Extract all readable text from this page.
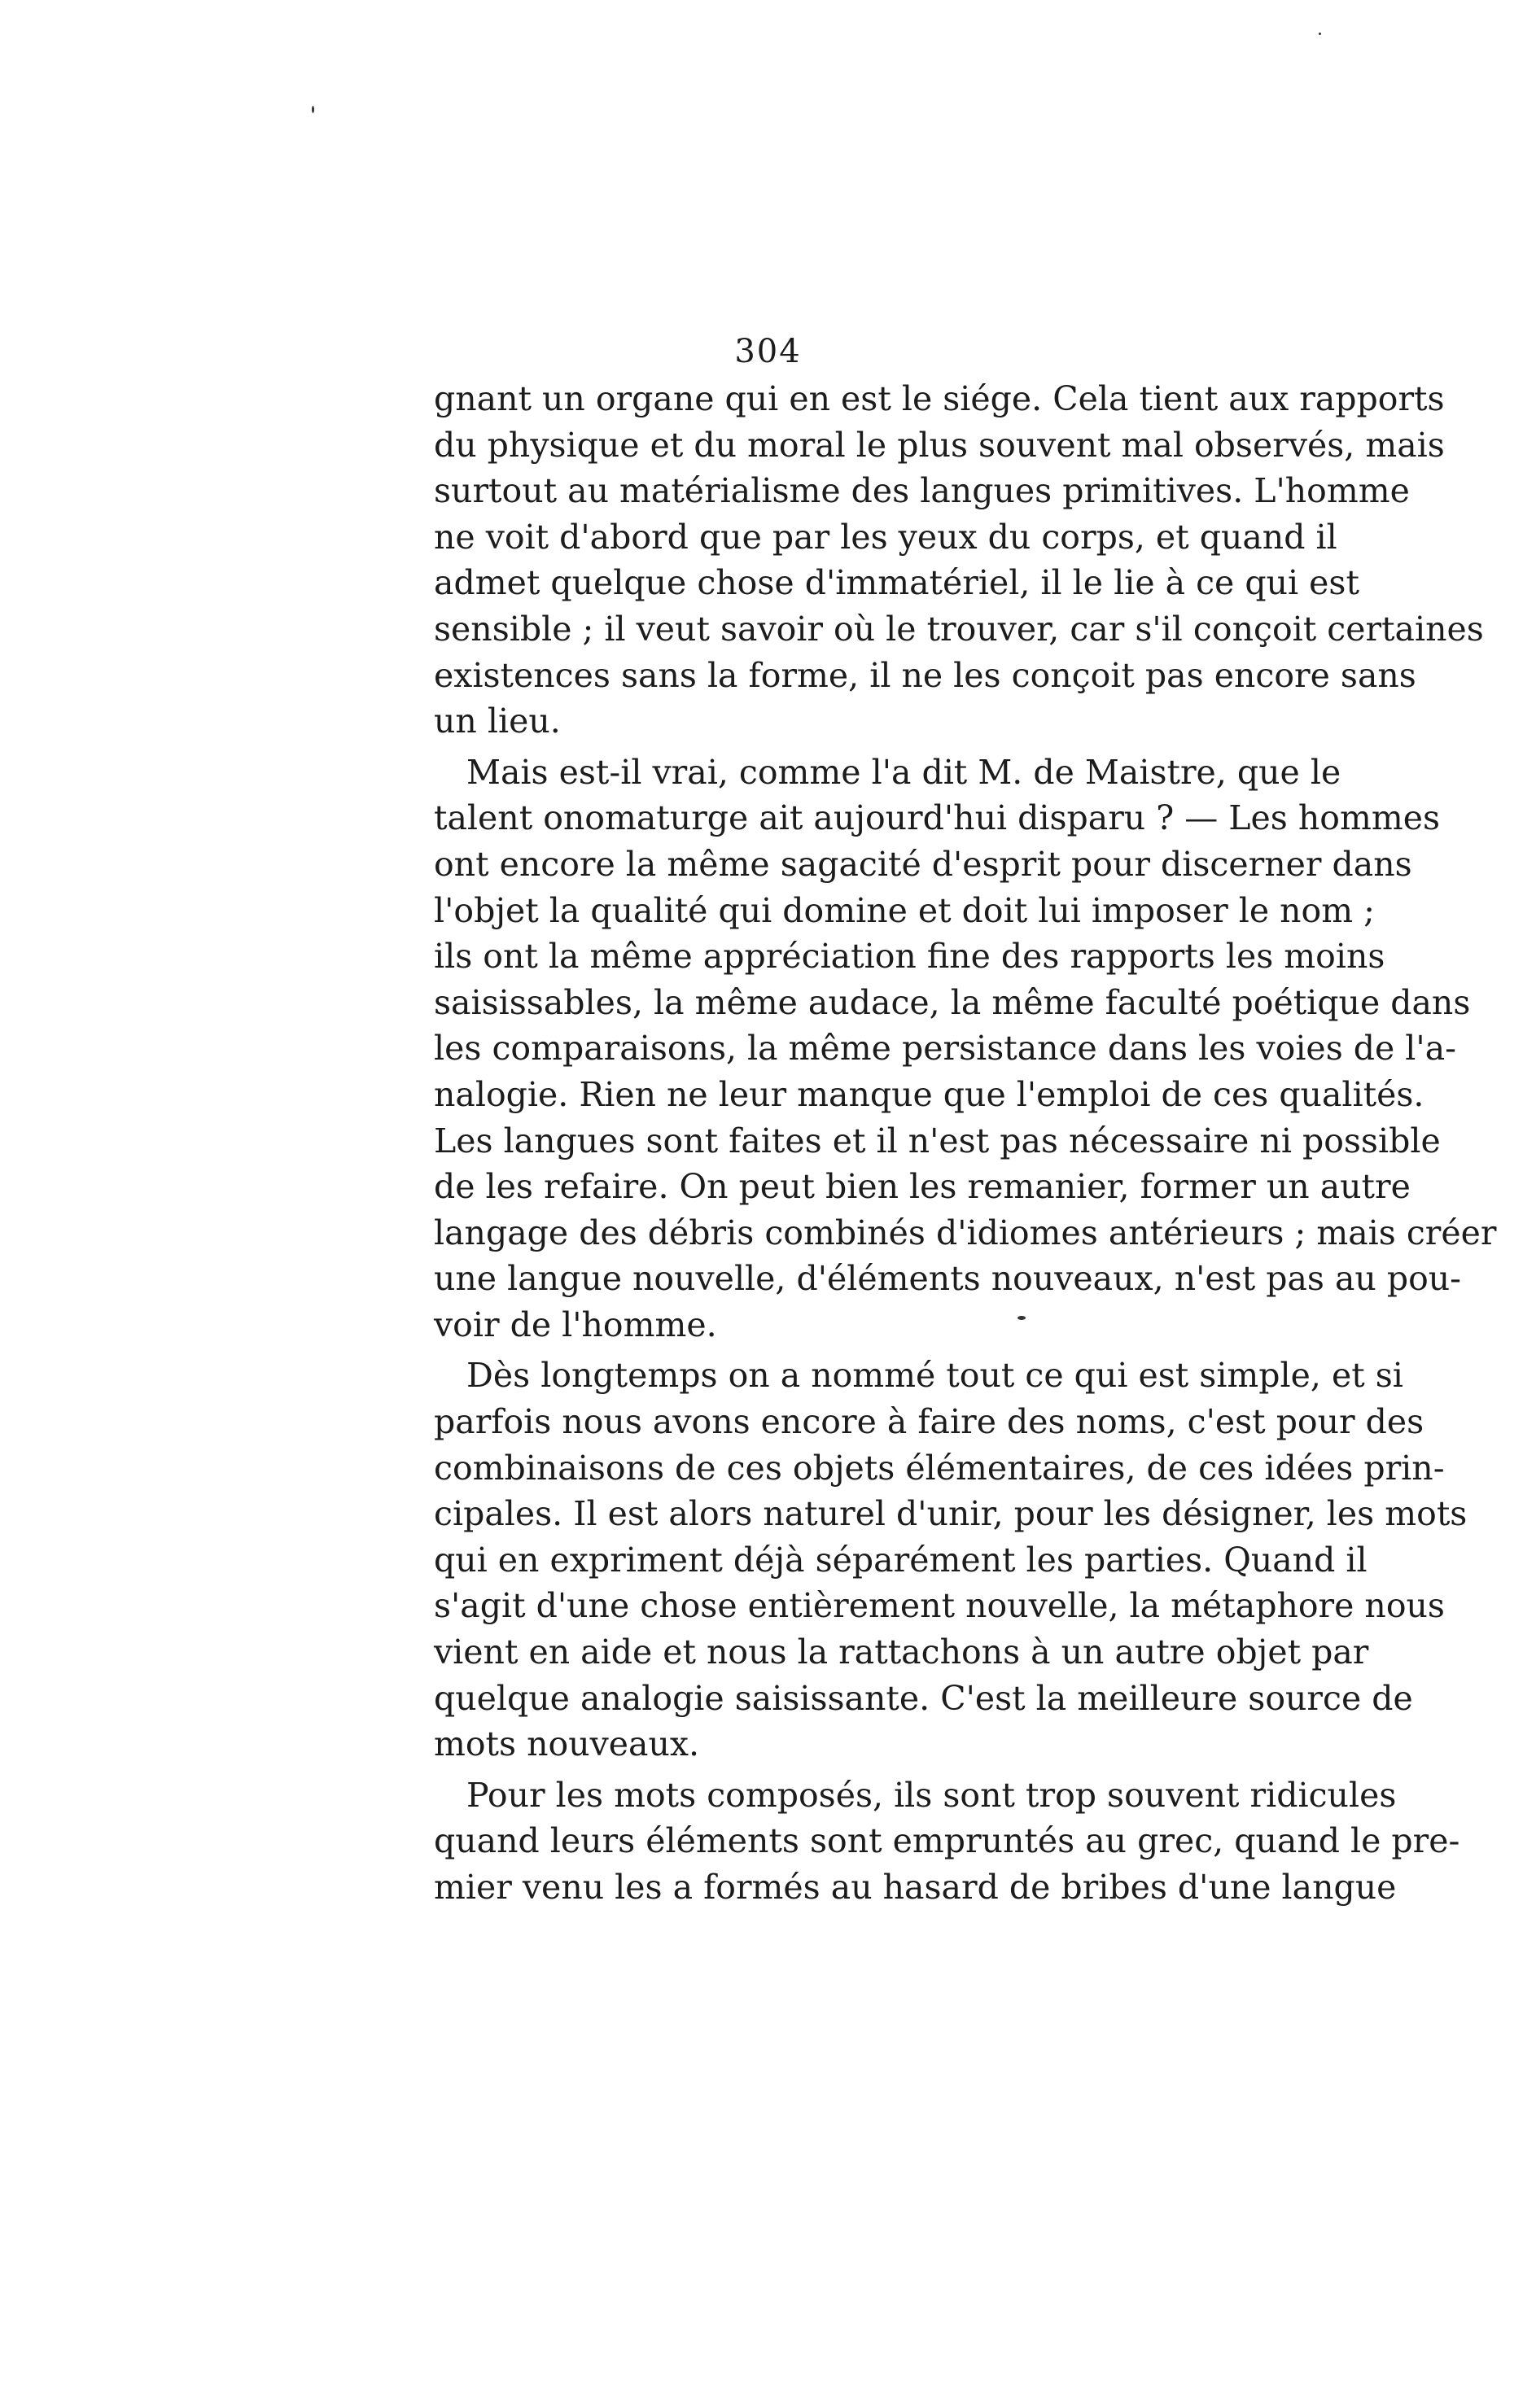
304
gnant un organe qui en est le siége. Cela tient aux rapports
du physique et du moral le plus souvent mal observés, mais
surtout au matérialisme des langues primitives. L'homme
ne voit d'abord que par les yeux du corps, et quand il
admet quelque chose d'immatériel, il le lie à ce qui est
sensible ; il veut savoir où le trouver, car s'il conçoit certaines
existences sans la forme, il ne les conçoit pas encore sans
un lieu.
Mais est-il vrai, comme l'a dit M. de Maistre, que le
talent onomaturge ait aujourd'hui disparu ? — Les hommes
ont encore la même sagacité d'esprit pour discerner dans
l'objet la qualité qui domine et doit lui imposer le nom ;
ils ont la même appréciation fine des rapports les moins
saisissables, la même audace, la même faculté poétique dans
les comparaisons, la même persistance dans les voies de l'a-
nalogie. Rien ne leur manque que l'emploi de ces qualités.
Les langues sont faites et il n'est pas nécessaire ni possible
de les refaire. On peut bien les remanier, former un autre
langage des débris combinés d'idiomes antérieurs ; mais créer
une langue nouvelle, d'éléments nouveaux, n'est pas au pou-
voir de l'homme.
Dès longtemps on a nommé tout ce qui est simple, et si
parfois nous avons encore à faire des noms, c'est pour des
combinaisons de ces objets élémentaires, de ces idées prin-
cipales. Il est alors naturel d'unir, pour les désigner, les mots
qui en expriment déjà séparément les parties. Quand il
s'agit d'une chose entièrement nouvelle, la métaphore nous
vient en aide et nous la rattachons à un autre objet par
quelque analogie saisissante. C'est la meilleure source de
mots nouveaux.
Pour les mots composés, ils sont trop souvent ridicules
quand leurs éléments sont empruntés au grec, quand le pre-
mier venu les a formés au hasard de bribes d'une langue
